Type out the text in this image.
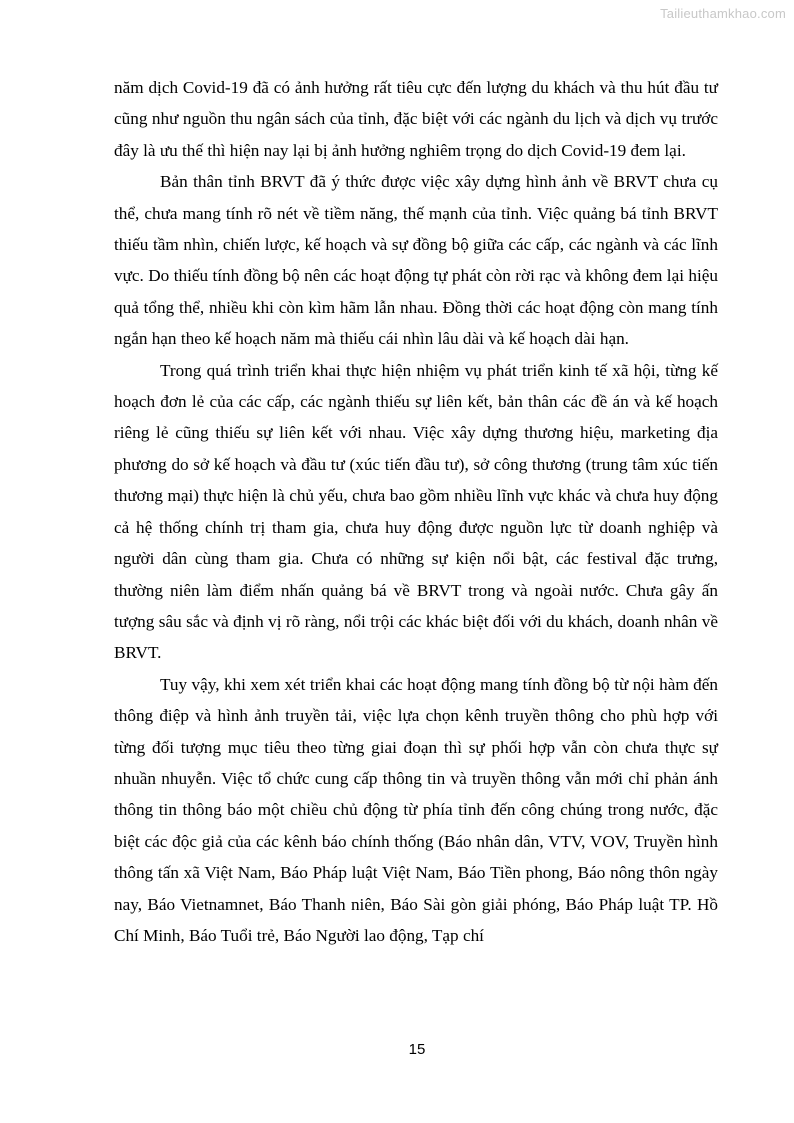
Tailieuthamkhao.com

năm dịch Covid-19 đã có ảnh hưởng rất tiêu cực đến lượng du khách và thu hút đầu tư cũng như nguồn thu ngân sách của tỉnh, đặc biệt với các ngành du lịch và dịch vụ trước đây là ưu thế thì hiện nay lại bị ảnh hưởng nghiêm trọng do dịch Covid-19 đem lại.

Bản thân tỉnh BRVT đã ý thức được việc xây dựng hình ảnh về BRVT chưa cụ thể, chưa mang tính rõ nét về tiềm năng, thế mạnh của tỉnh. Việc quảng bá tỉnh BRVT thiếu tầm nhìn, chiến lược, kế hoạch và sự đồng bộ giữa các cấp, các ngành và các lĩnh vực. Do thiếu tính đồng bộ nên các hoạt động tự phát còn rời rạc và không đem lại hiệu quả tổng thể, nhiều khi còn kìm hãm lẫn nhau. Đồng thời các hoạt động còn mang tính ngắn hạn theo kế hoạch năm mà thiếu cái nhìn lâu dài và kế hoạch dài hạn.

Trong quá trình triển khai thực hiện nhiệm vụ phát triển kinh tế xã hội, từng kế hoạch đơn lẻ của các cấp, các ngành thiếu sự liên kết, bản thân các đề án và kế hoạch riêng lẻ cũng thiếu sự liên kết với nhau. Việc xây dựng thương hiệu, marketing địa phương do sở kế hoạch và đầu tư (xúc tiến đầu tư), sở công thương (trung tâm xúc tiến thương mại) thực hiện là chủ yếu, chưa bao gồm nhiều lĩnh vực khác và chưa huy động cả hệ thống chính trị tham gia, chưa huy động được nguồn lực từ doanh nghiệp và người dân cùng tham gia. Chưa có những sự kiện nổi bật, các festival đặc trưng, thường niên làm điểm nhấn quảng bá về BRVT trong và ngoài nước. Chưa gây ấn tượng sâu sắc và định vị rõ ràng, nổi trội các khác biệt đối với du khách, doanh nhân về BRVT.

Tuy vậy, khi xem xét triển khai các hoạt động mang tính đồng bộ từ nội hàm đến thông điệp và hình ảnh truyền tải, việc lựa chọn kênh truyền thông cho phù hợp với từng đối tượng mục tiêu theo từng giai đoạn thì sự phối hợp vẫn còn chưa thực sự nhuần nhuyễn. Việc tổ chức cung cấp thông tin và truyền thông vẫn mới chỉ phản ánh thông tin thông báo một chiều chủ động từ phía tỉnh đến công chúng trong nước, đặc biệt các độc giả của các kênh báo chính thống (Báo nhân dân, VTV, VOV, Truyền hình thông tấn xã Việt Nam, Báo Pháp luật Việt Nam, Báo Tiền phong, Báo nông thôn ngày nay, Báo Vietnamnet, Báo Thanh niên, Báo Sài gòn giải phóng, Báo Pháp luật TP. Hồ Chí Minh, Báo Tuổi trẻ, Báo Người lao động, Tạp chí

15
